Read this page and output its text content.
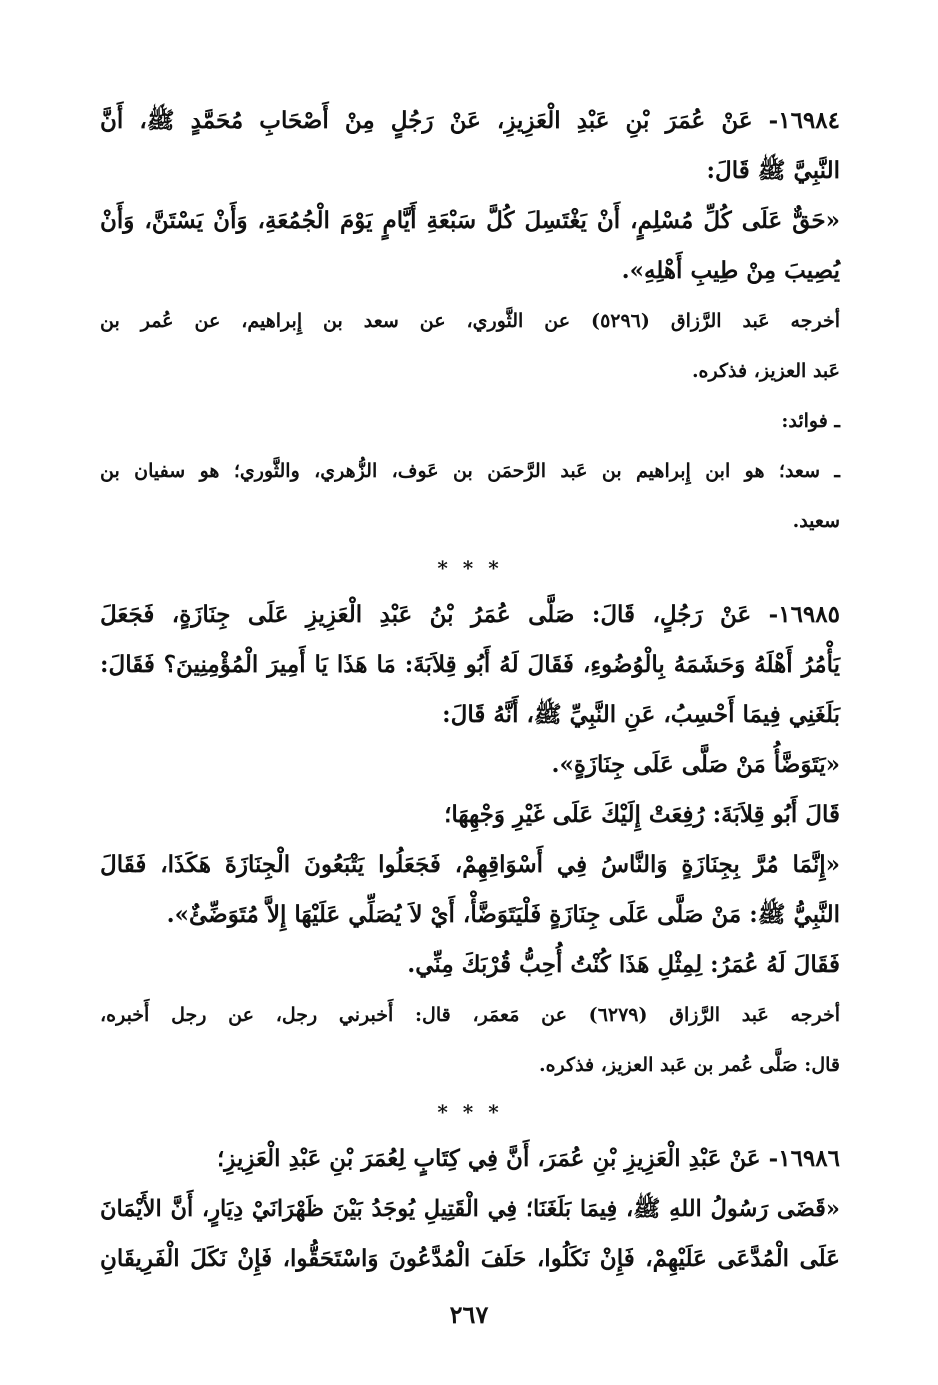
١٦٩٨٤- عَنْ عُمَرَ بْنِ عَبْدِ الْعَزِيزِ، عَنْ رَجُلٍ مِنْ أَصْحَابِ مُحَمَّدٍ ﷺ، أَنَّ
النَّبِيَّ ﷺ قَالَ:
«حَقٌّ عَلَى كُلِّ مُسْلِمٍ، أَنْ يَغْتَسِلَ كُلَّ سَبْعَةِ أَيَّامٍ يَوْمَ الْجُمُعَةِ، وَأَنْ يَسْتَنَّ، وَأَنْ
يُصِيبَ مِنْ طِيبِ أَهْلِهِ».
أخرجه عَبد الرَّزاق (٥٢٩٦) عن الثَّوري، عن سعد بن إِبراهيم، عن عُمر بن
عَبد العزيز، فذكره.
ـ فوائد:
ـ سعد؛ هو ابن إِبراهيم بن عَبد الرَّحمَن بن عَوف، الزُّهري، والثَّوري؛ هو سفيان بن
سعيد.
* * *
١٦٩٨٥- عَنْ رَجُلٍ، قَالَ: صَلَّى عُمَرُ بْنُ عَبْدِ الْعَزِيزِ عَلَى جِنَازَةٍ، فَجَعَلَ
يَأْمُرُ أَهْلَهُ وَحَشَمَهُ بِالْوُضُوءِ، فَقَالَ لَهُ أَبُو قِلاَبَةَ: مَا هَذَا يَا أَمِيرَ الْمُؤْمِنِينَ؟ فَقَالَ:
بَلَغَنِي فِيمَا أَحْسِبُ، عَنِ النَّبِيِّ ﷺ، أَنَّهُ قَالَ:
«يَتَوَضَّأُ مَنْ صَلَّى عَلَى جِنَازَةٍ».
قَالَ أَبُو قِلاَبَةَ: رُفِعَتْ إِلَيْكَ عَلَى غَيْرِ وَجْهِهَا؛
«إِنَّمَا مُرَّ بِجِنَازَةٍ وَالنَّاسُ فِي أَسْوَاقِهِمْ، فَجَعَلُوا يَتْبَعُونَ الْجِنَازَةَ هَكَذَا، فَقَالَ
النَّبِيُّ ﷺ: مَنْ صَلَّى عَلَى جِنَازَةٍ فَلْيَتَوَضَّأْ، أَيْ لاَ يُصَلِّي عَلَيْهَا إِلاَّ مُتَوَضِّئٌ».
فَقَالَ لَهُ عُمَرُ: لِمِثْلِ هَذَا كُنْتُ أُحِبُّ قُرْبَكَ مِنِّي.
أخرجه عَبد الرَّزاق (٦٢٧٩) عن مَعمَر، قال: أَخبرني رجل، عن رجل أَخبره،
قال: صَلَّى عُمر بن عَبد العزيز، فذكره.
* * *
١٦٩٨٦- عَنْ عَبْدِ الْعَزِيزِ بْنِ عُمَرَ، أَنَّ فِي كِتَابٍ لِعُمَرَ بْنِ عَبْدِ الْعَزِيزِ؛
«قَضَى رَسُولُ اللهِ ﷺ، فِيمَا بَلَغَنَا؛ فِي الْقَتِيلِ يُوجَدُ بَيْنَ ظَهْرَانَيْ دِيَارٍ، أَنَّ الأَيْمَانَ
عَلَى الْمُدَّعَى عَلَيْهِمْ، فَإِنْ نَكَلُوا، حَلَفَ الْمُدَّعُونَ وَاسْتَحَقُّوا، فَإِنْ نَكَلَ الْفَرِيقَانِ
٢٦٧
